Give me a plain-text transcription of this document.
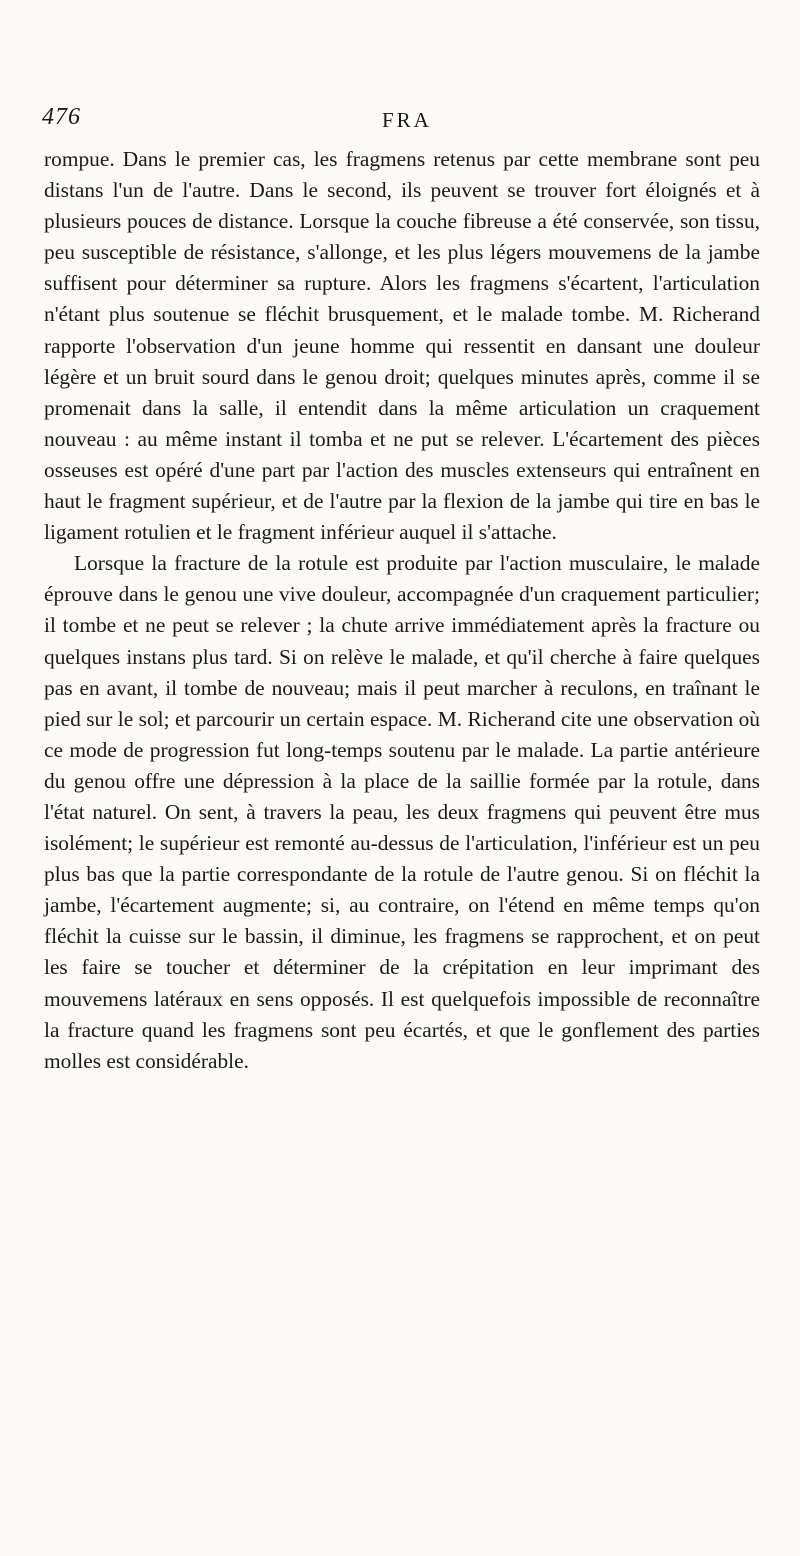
476	FRA

rompue. Dans le premier cas, les fragmens retenus par cette membrane sont peu distans l'un de l'autre. Dans le second, ils peuvent se trouver fort éloignés et à plusieurs pouces de distance. Lorsque la couche fibreuse a été conservée, son tissu, peu susceptible de résistance, s'allonge, et les plus légers mouvemens de la jambe suffisent pour déterminer sa rupture. Alors les fragmens s'écartent, l'articulation n'étant plus soutenue se fléchit brusquement, et le malade tombe. M. Richerand rapporte l'observation d'un jeune homme qui ressentit en dansant une douleur légère et un bruit sourd dans le genou droit; quelques minutes après, comme il se promenait dans la salle, il entendit dans la même articulation un craquement nouveau : au même instant il tomba et ne put se relever. L'écartement des pièces osseuses est opéré d'une part par l'action des muscles extenseurs qui entraînent en haut le fragment supérieur, et de l'autre par la flexion de la jambe qui tire en bas le ligament rotulien et le fragment inférieur auquel il s'attache.

Lorsque la fracture de la rotule est produite par l'action musculaire, le malade éprouve dans le genou une vive douleur, accompagnée d'un craquement particulier; il tombe et ne peut se relever ; la chute arrive immédiatement après la fracture ou quelques instans plus tard. Si on relève le malade, et qu'il cherche à faire quelques pas en avant, il tombe de nouveau; mais il peut marcher à reculons, en traînant le pied sur le sol; et parcourir un certain espace. M. Richerand cite une observation où ce mode de progression fut long-temps soutenu par le malade. La partie antérieure du genou offre une dépression à la place de la saillie formée par la rotule, dans l'état naturel. On sent, à travers la peau, les deux fragmens qui peuvent être mus isolément; le supérieur est remonté au-dessus de l'articulation, l'inférieur est un peu plus bas que la partie correspondante de la rotule de l'autre genou. Si on fléchit la jambe, l'écartement augmente; si, au contraire, on l'étend en même temps qu'on fléchit la cuisse sur le bassin, il diminue, les fragmens se rapprochent, et on peut les faire se toucher et déterminer de la crépitation en leur imprimant des mouvemens latéraux en sens opposés. Il est quelquefois impossible de reconnaître la fracture quand les fragmens sont peu écartés, et que le gonflement des parties molles est considérable.
